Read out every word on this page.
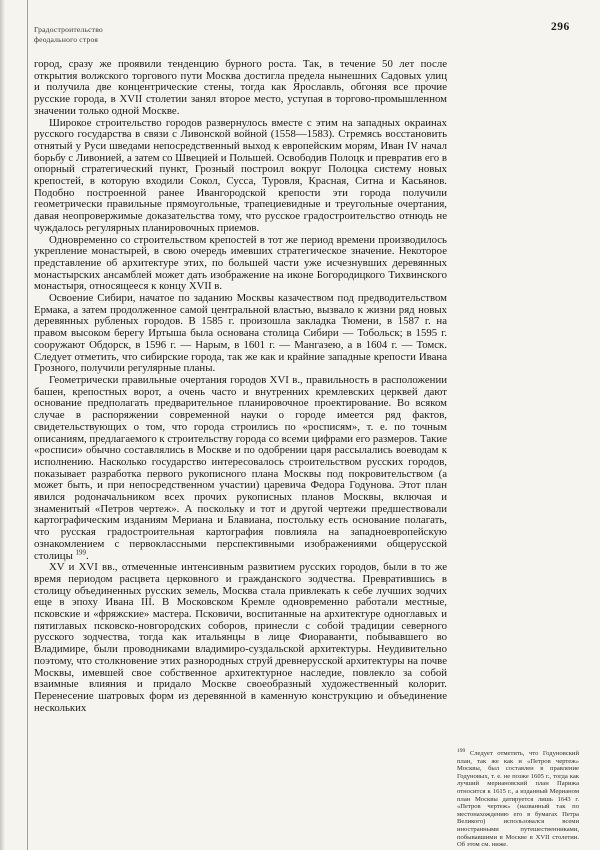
Градостроительство
феодального строя
296

город, сразу же проявили тенденцию бурного роста. Так, в течение 50 лет после открытия волжского торгового пути Москва достигла предела нынешних Садовых улиц и получила две концентрические стены, тогда как Ярославль, обгоняя все прочие русские города, в XVII столетии занял второе место, уступая в торгово-промышленном значении только одной Москве.

Широкое строительство городов развернулось вместе с этим на западных окраинах русского государства в связи с Ливонской войной (1558—1583). Стремясь восстановить отнятый у Руси шведами непосредственный выход к европейским морям, Иван IV начал борьбу с Ливонией, а затем со Швецией и Польшей. Освободив Полоцк и превратив его в опорный стратегический пункт, Грозный построил вокруг Полоцка систему новых крепостей, в которую входили Сокол, Сусса, Туровля, Красная, Ситна и Касьянов. Подобно построенной ранее Ивангородской крепости эти города получили геометрически правильные прямоугольные, трапециевидные и треугольные очертания, давая неопровержимые доказательства тому, что русское градостроительство отнюдь не чуждалось регулярных планировочных приемов.

Одновременно со строительством крепостей в тот же период времени производилось укрепление монастырей, в свою очередь имевших стратегическое значение. Некоторое представление об архитектуре этих, по большей части уже исчезнувших деревянных монастырских ансамблей может дать изображение на иконе Богородицкого Тихвинского монастыря, относящееся к концу XVII в.

Освоение Сибири, начатое по заданию Москвы казачеством под предводительством Ермака, а затем продолженное самой центральной властью, вызвало к жизни ряд новых деревянных рубленых городов. В 1585 г. произошла закладка Тюмени, в 1587 г. на правом высоком берегу Иртыша была основана столица Сибири — Тобольск; в 1595 г. сооружают Обдорск, в 1596 г. — Нарым, в 1601 г. — Мангазею, а в 1604 г. — Томск. Следует отметить, что сибирские города, так же как и крайние западные крепости Ивана Грозного, получили регулярные планы.

Геометрически правильные очертания городов XVI в., правильность в расположении башен, крепостных ворот, а очень часто и внутренних кремлевских церквей дают основание предполагать предварительное планировочное проектирование. Во всяком случае в распоряжении современной науки о городе имеется ряд фактов, свидетельствующих о том, что города строились по «росписям», т. е. по точным описаниям, предлагаемого к строительству города со всеми цифрами его размеров. Такие «росписи» обычно составлялись в Москве и по одобрении царя рассылались воеводам к исполнению. Насколько государство интересовалось строительством русских городов, показывает разработка первого рукописного плана Москвы под покровительством (а может быть, и при непосредственном участии) царевича Федора Годунова. Этот план явился родоначальником всех прочих рукописных планов Москвы, включая и знаменитый «Петров чертеж». А поскольку и тот и другой чертежи предшествовали картографическим изданиям Мериана и Блавиана, постольку есть основание полагать, что русская градостроительная картография повлияла на западноевропейскую ознакомлением с первоклассными перспективными изображениями общерусской столицы $^{199}$.

XV и XVI вв., отмеченные интенсивным развитием русских городов, были в то же время периодом расцвета церковного и гражданского зодчества. Превратившись в столицу объединенных русских земель, Москва стала привлекать к себе лучших зодчих еще в эпоху Ивана III. В Московском Кремле одновременно работали местные, псковские и «фряжские» мастера. Псковичи, воспитанные на архитектуре одноглавых и пятиглавых псковско-новгородских соборов, принесли с собой традиции северного русского зодчества, тогда как итальянцы в лице Фиораванти, побывавшего во Владимире, были проводниками владимиро-суздальской архитектуры. Неудивительно поэтому, что столкновение этих разнородных струй древнерусской архитектуры на почве Москвы, имевшей свое собственное архитектурное наследие, повлекло за собой взаимные влияния и придало Москве своеобразный художественный колорит. Перенесение шатровых форм из деревянной в каменную конструкцию и объединение нескольких

$^{199}$ Следует отметить, что Годуновский план, так же как и «Петров чертеж» Москвы, был составлен в правление Годуновых, т. е. не позже 1605 г., тогда как лучший мериановский план Парижа относится к 1615 г., а изданный Мерианом план Москвы датируется лишь 1643 г. «Петров чертеж» (названный так по местонахождению его в бумагах Петра Великого) использовался всеми иностранными путешественниками, побывавшими в Москве в XVII столетии. Об этом см. ниже.
